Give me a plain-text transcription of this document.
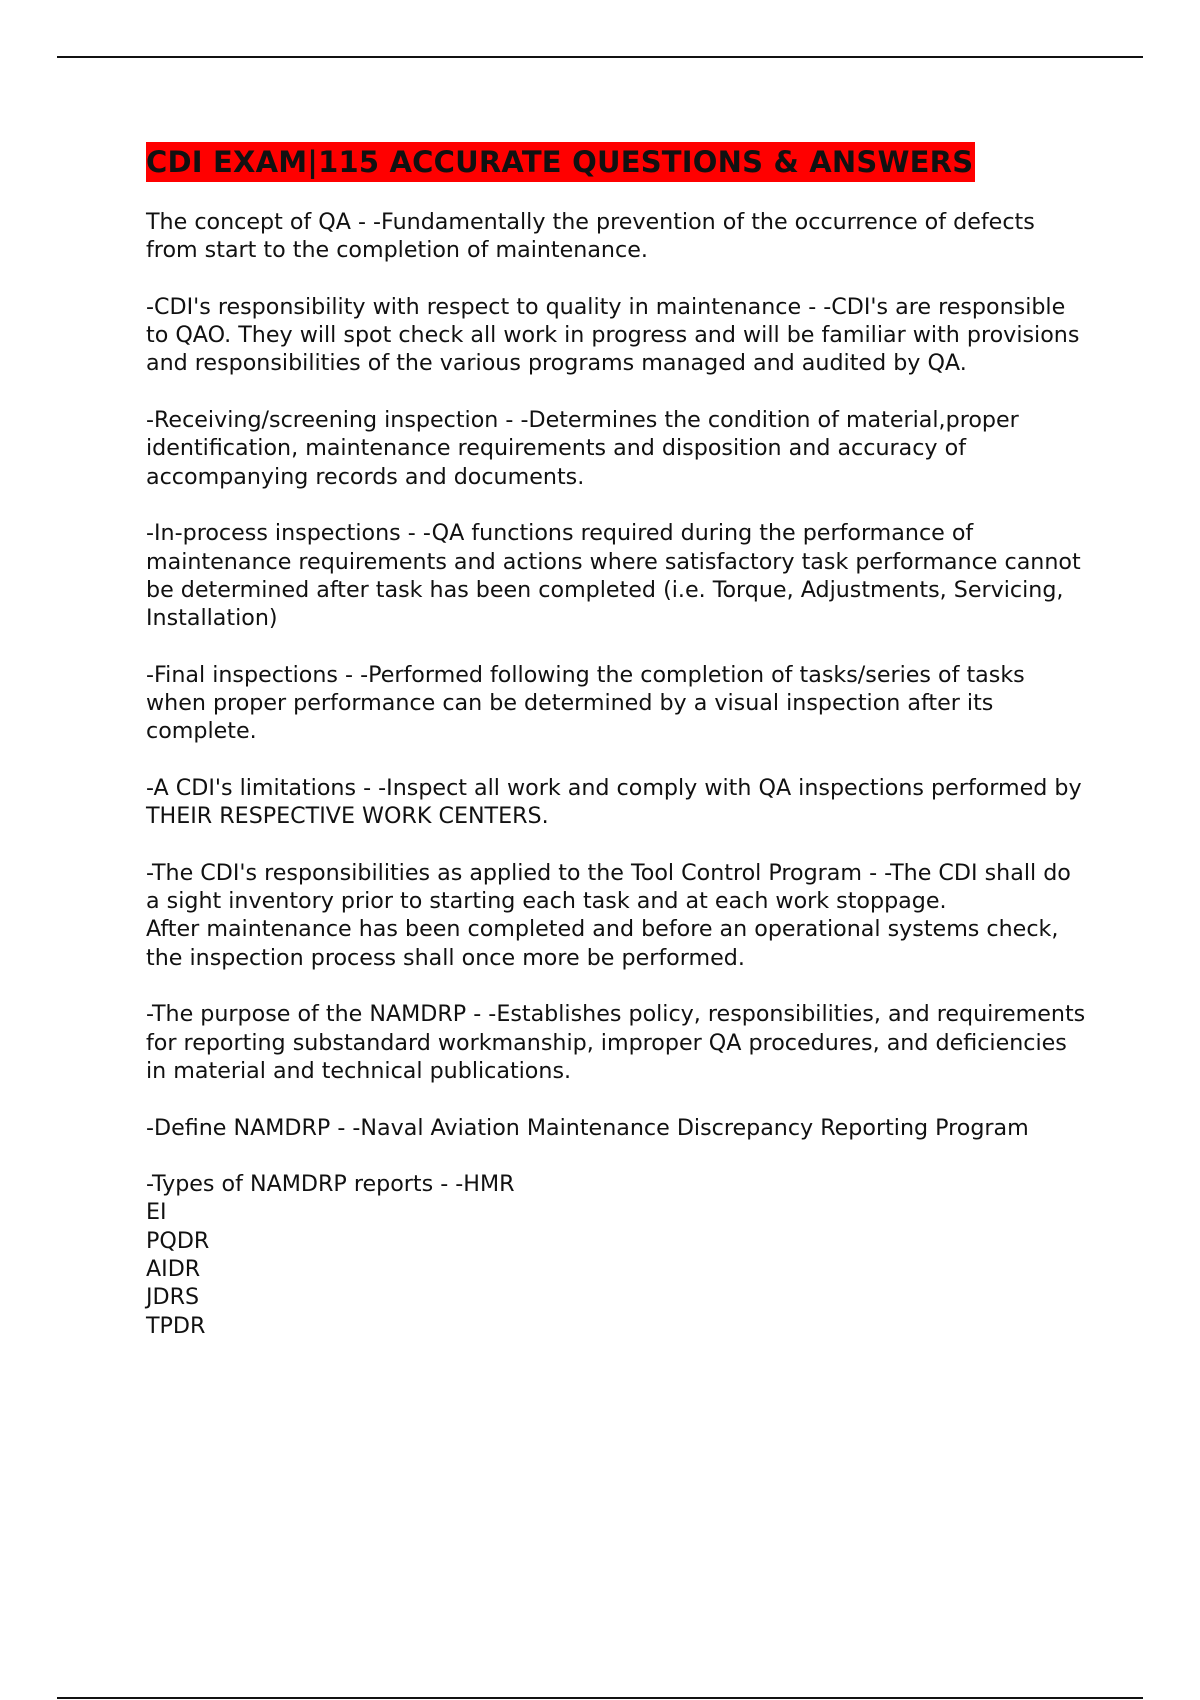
CDI EXAM|115 ACCURATE QUESTIONS & ANSWERS
The concept of QA - -Fundamentally the prevention of the occurrence of defects from start to the completion of maintenance.
-CDI's responsibility with respect to quality in maintenance - -CDI's are responsible to QAO. They will spot check all work in progress and will be familiar with provisions and responsibilities of the various programs managed and audited by QA.
-Receiving/screening inspection - -Determines the condition of material,proper identification, maintenance requirements and disposition and accuracy of accompanying records and documents.
-In-process inspections - -QA functions required during the performance of maintenance requirements and actions where satisfactory task performance cannot be determined after task has been completed (i.e. Torque, Adjustments, Servicing, Installation)
-Final inspections - -Performed following the completion of tasks/series of tasks when proper performance can be determined by a visual inspection after its complete.
-A CDI's limitations - -Inspect all work and comply with QA inspections performed by THEIR RESPECTIVE WORK CENTERS.
-The CDI's responsibilities as applied to the Tool Control Program - -The CDI shall do a sight inventory prior to starting each task and at each work stoppage.
After maintenance has been completed and before an operational systems check, the inspection process shall once more be performed.
-The purpose of the NAMDRP - -Establishes policy, responsibilities, and requirements for reporting substandard workmanship, improper QA procedures, and deficiencies in material and technical publications.
-Define NAMDRP - -Naval Aviation Maintenance Discrepancy Reporting Program
-Types of NAMDRP reports - -HMR
EI
PQDR
AIDR
JDRS
TPDR
